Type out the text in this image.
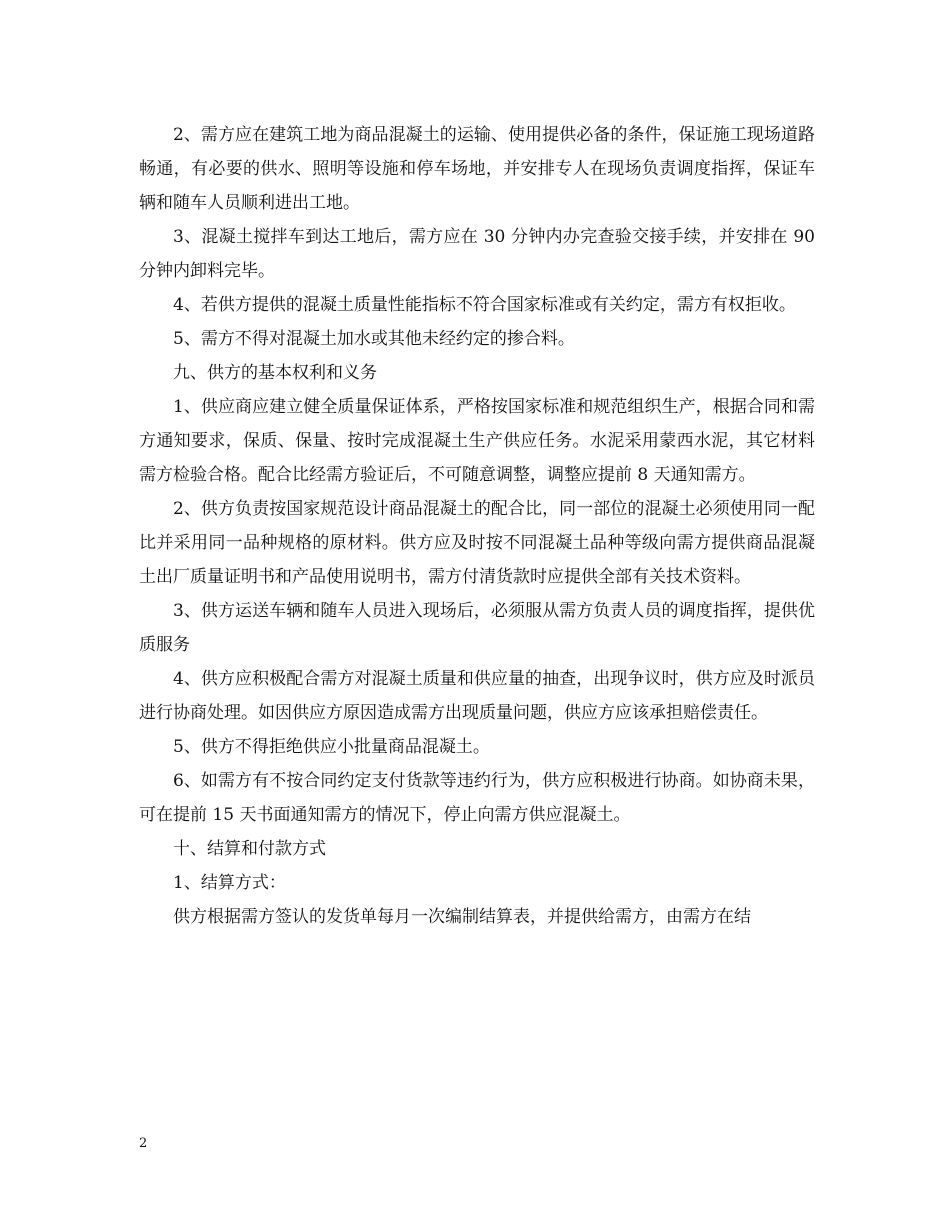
2、需方应在建筑工地为商品混凝土的运输、使用提供必备的条件，保证施工现场道路畅通，有必要的供水、照明等设施和停车场地，并安排专人在现场负责调度指挥，保证车辆和随车人员顺利进出工地。

3、混凝土搅拌车到达工地后，需方应在 30 分钟内办完查验交接手续，并安排在 90 分钟内卸料完毕。

4、若供方提供的混凝土质量性能指标不符合国家标准或有关约定，需方有权拒收。

5、需方不得对混凝土加水或其他未经约定的掺合料。

九、供方的基本权利和义务

1、供应商应建立健全质量保证体系，严格按国家标准和规范组织生产，根据合同和需方通知要求，保质、保量、按时完成混凝土生产供应任务。水泥采用蒙西水泥，其它材料需方检验合格。配合比经需方验证后，不可随意调整，调整应提前 8 天通知需方。

2、供方负责按国家规范设计商品混凝土的配合比，同一部位的混凝土必须使用同一配比并采用同一品种规格的原材料。供方应及时按不同混凝土品种等级向需方提供商品混凝土出厂质量证明书和产品使用说明书，需方付清货款时应提供全部有关技术资料。

3、供方运送车辆和随车人员进入现场后，必须服从需方负责人员的调度指挥，提供优质服务

4、供方应积极配合需方对混凝土质量和供应量的抽查，出现争议时，供方应及时派员进行协商处理。如因供应方原因造成需方出现质量问题，供应方应该承担赔偿责任。

5、供方不得拒绝供应小批量商品混凝土。

6、如需方有不按合同约定支付货款等违约行为，供方应积极进行协商。如协商未果，可在提前 15 天书面通知需方的情况下，停止向需方供应混凝土。

十、结算和付款方式

1、结算方式：

供方根据需方签认的发货单每月一次编制结算表，并提供给需方，由需方在结

2
